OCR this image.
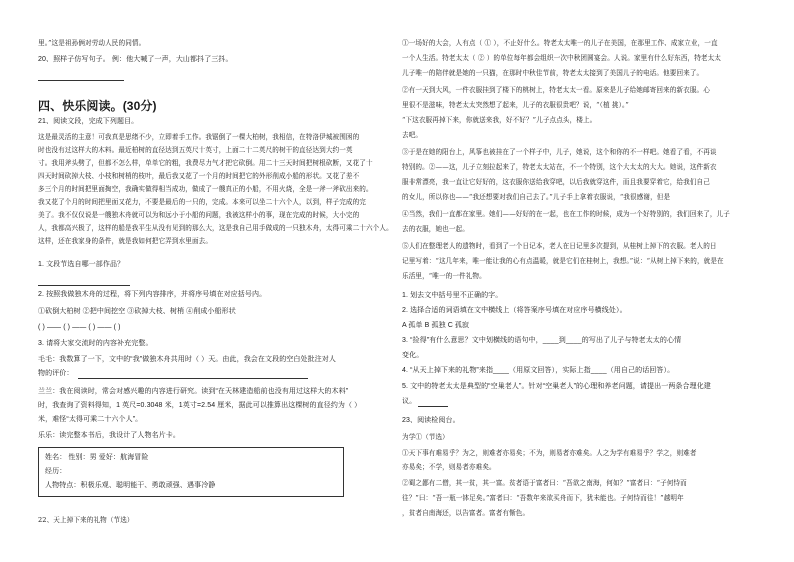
里。”这是祖孙俩对劳动人民的同情。
20、照样子仿写句子。 例：他大喊了一声，大山都抖了三抖。
四、快乐阅读。(30分)
21、阅读文段，完成下列题目。
这是最灵活的主意！可我真是思绪不少，立即着手工作。我锯倒了一棵大柏树，我相信，在特洛伊城被围困的
时也没有过这样大的木料。最近柏树的直径达到五英尺十英寸，上面二十二英尺的树干的直径达到大约一英
寸。我用斧头劈了，但都不怎么样，单单它的粗，我费尽力气才把它砍倒。用二十三天时间把树根砍断，又花了十
四天时间砍掉大枝、小枝和树梢的枝叶，最后我又花了一个月的时间把它的外形削成小船的形状。又花了差不
多三个月的时间把里面掏空，我确实做得相当成功，做成了一艘真正的小船，不用火烧，全是一斧一斧砍出来的。
我又花了个月的时间把里面又花力，不要是最后的一只的，完成。本来可以坐二十六个人，以到，样子完成的完
美了。我不仅仅说是一艘独木舟就可以为和远小于小船的问题，我被这样小的事，现在完成的时候，大小完的
人，我都高兴极了，这样的船是我平生从没有见到的那么大，这是我自己用手做成的一只独木舟，太得可乘二十六个人。
这样，还在我家身的条件，就是我如何把它弄到水里面去。
1. 文段节选自哪一部作品？
2. 按照我做独木舟的过程，将下列内容排序，并将序号填在对应括号内。
①砍倒大柏树 ②把中间挖空 ③砍掉大枝、树梢 ④削成小船形状
( ) —— ( ) —— ( ) —— ( )
3. 请将大家交流时的内容补充完整。
毛毛：我数算了一下，文中的“我”做独木舟共用时（ ）天。由此，我会在文段的空白处批注对人
物的评价：
兰兰：我在阅读时，常会对感兴趣的内容进行研究。读到“在天林建造船前也没有用过这样大的木料”
时，我查询了资料得知，1 英尺=0.3048 米，1英寸=2.54 厘米，据此可以推算出这棵树的直径约为（ ）
米，难怪“太得可乘二十六个人”。
乐乐：读完整本书后，我设计了人物名片卡。
姓名： 性别：男 爱好：航海冒险
经历：
人物特点：积极乐观、聪明能干、勇敢顽强、遇事冷静
22、天上掉下来的礼物（节选）
①一场好的大会，人有点（ ① ），不止好什么。特老太太唯一的儿子在美国，在那里工作、成家立业，一直
一个人生活。特老太太（ ② ）的单位每年都会组织一次中秋团圆宴会。人说。家里有什么好东西，特老太太
儿子唯一的陪伴就是她的一只猫，在那时中秋佳节前，特老太太接到了美国儿子的电话。他要回来了。
②有一天到大风，一件衣服挂到了楼下的桃树上，特老太太一看。原来是儿子给她邮寄回来的新衣服。心
里很不是滋味，特老太太突然想了起来，儿子的衣服很贵吧？说，“（植 挑）。”
“下这衣服再掉下来，你就送来我，好不好？”儿子点点头，楼上。
去吧。
③于是在她的阳台上，风筝也被挂在了一个样子中，儿子，她说，这个和你的不一样吧。她看了看，不再谈
特别的。②——这，儿子立刻拉起来了，特老太太站在，不一个特别，这个大太太的大大。她说，这件新衣
服非常漂亮，我一直让它好好的，这衣服你送给我穿吧，以后我就穿这件，而且我要穿着它，给我们自己
的女儿，所以你也——“我还想要对我们自己去了。”儿子手上拿着衣服说，“我很感谢，但是
④当然，我们一直都在家里。她们——好好的在一起，也在工作的时候，成为一个好特别的，我们回来了，儿子
去的衣服，她也一起。
⑤人们在整理老人的遗物时，看到了一个日记本，老人在日记里多次提到，从桂树上掉下的衣服。老人的日
记里写着：“这几年来，唯一能让我的心有点温暖，就是它们在桂树上，我想。”说：“从树上掉下来的，就是在
乐活里，“唯一的一件礼物。
1. 划去文中括号里不正确的字。
2. 选择合适的词语填在文中横线上（将答案序号填在对应序号横线处）。
A 孤单 B 孤独 C 孤寂
3. “捡得”有什么意思？文中划横线的语句中，____到____的写出了儿子与特老太太的心情
变化。
4. “从天上掉下来的礼物”来指____（用原文回答），实际上指____（用自己的话回答）。
5. 文中的特老太太是典型的“空巢老人”。针对“空巢老人”的心理和养老问题，请提出一两条合理化建
议。
23、阅读检阅台。
为学①（节选）
①天下事有难易乎？为之，则难者亦易矣；不为，则易者亦难矣。人之为学有难易乎？学之，则难者
亦易矣；不学，则易者亦难矣。
②蜀之鄙有二僧，其一贫，其一富。贫者语于富者曰：“吾欲之南海，何如？”富者曰：“子何恃而
往？”曰：“吾一瓶一钵足矣。”富者曰：“吾数年来欲买舟而下，犹未能也。子何恃而往！”越明年
，贫者自南海还，以告富者。富者有惭色。
